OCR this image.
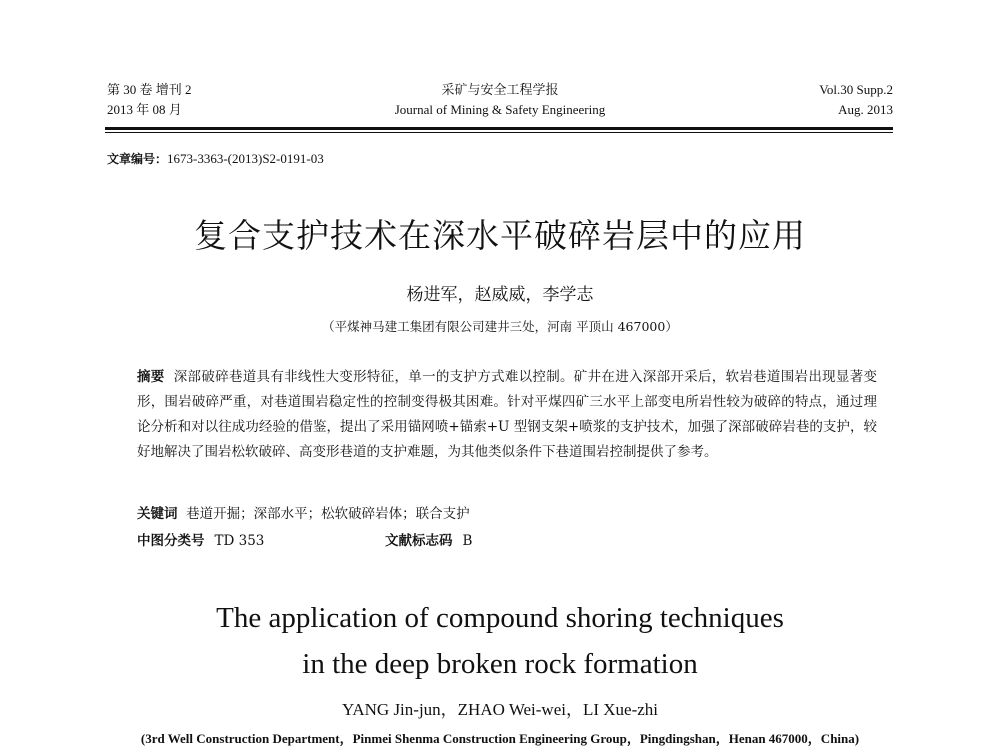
第 30 卷 增刊 2
2013 年 08 月
采矿与安全工程学报
Journal of Mining & Safety Engineering
Vol.30 Supp.2
Aug. 2013
文章编号：1673-3363-(2013)S2-0191-03
复合支护技术在深水平破碎岩层中的应用
杨进军，赵威威，李学志
（平煤神马建工集团有限公司建井三处，河南 平顶山 467000）
摘要 深部破碎巷道具有非线性大变形特征，单一的支护方式难以控制。矿井在进入深部开采后，软岩巷道围岩出现显著变形，围岩破碎严重，对巷道围岩稳定性的控制变得极其困难。针对平煤四矿三水平上部变电所岩性较为破碎的特点，通过理论分析和对以往成功经验的借鉴，提出了采用锚网喷+锚索+U 型钢支架+喷浆的支护技术，加强了深部破碎岩巷的支护，较好地解决了围岩松软破碎、高变形巷道的支护难题，为其他类似条件下巷道围岩控制提供了参考。
关键词 巷道开掘；深部水平；松软破碎岩体；联合支护
中图分类号 TD 353	文献标志码 B
The application of compound shoring techniques
in the deep broken rock formation
YANG Jin-jun，ZHAO Wei-wei，LI Xue-zhi
(3rd Well Construction Department，Pinmei Shenma Construction Engineering Group，Pingdingshan，Henan 467000，China)
